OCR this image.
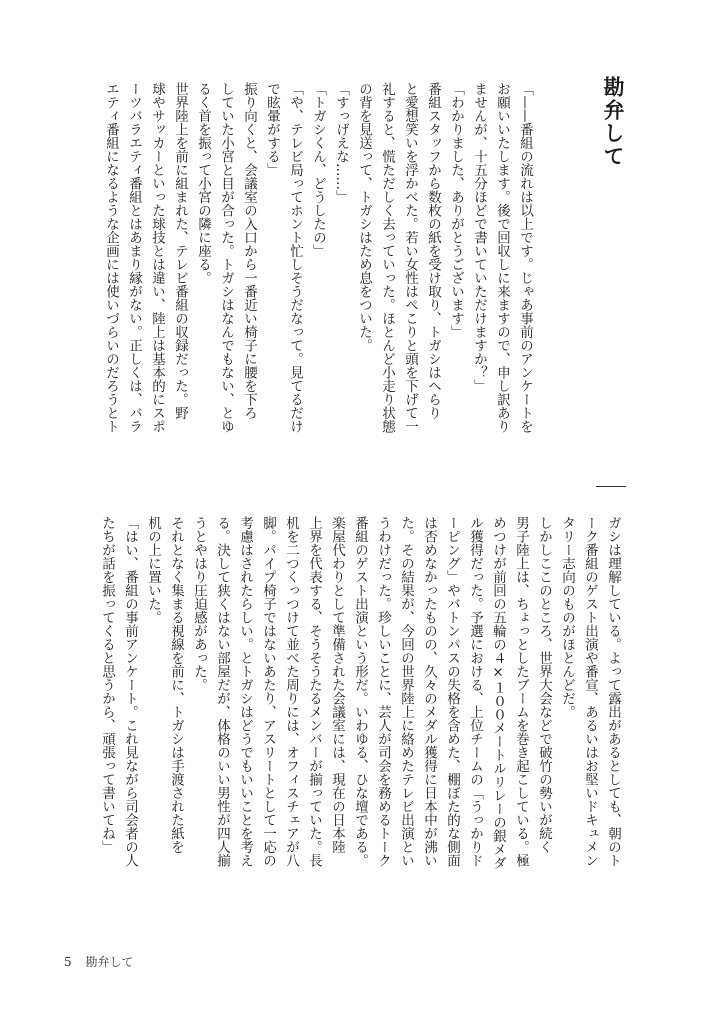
勘弁して
「——番組の流れは以上です。じゃあ事前のアンケートを
お願いいたします。後で回収しに来ますので、申し訳あり
ませんが、十五分ほどで書いていただけますか？」
「わかりました、ありがとうございます」
番組スタッフから数枚の紙を受け取り、トガシはへらり
と愛想笑いを浮かべた。若い女性はぺこりと頭を下げて一
礼すると、慌ただしく去っていった。ほとんど小走り状態
の背を見送って、トガシはため息をついた。
「すっげえな……」
「トガシくん、どうしたの」
「や、テレビ局ってホント忙しそうだなって。見てるだけ
で眩暈がする」
振り向くと、会議室の入口から一番近い椅子に腰を下ろ
していた小宮と目が合った。トガシはなんでもない、とゆ
るく首を振って小宮の隣に座る。
世界陸上を前に組まれた、テレビ番組の収録だった。野
球やサッカーといった球技とは違い、陸上は基本的にスポ
ーツバラエティ番組とはあまり縁がない。正しくは、バラ
エティ番組になるような企画には使いづらいのだろうとト
ガシは理解している。よって露出があるとしても、朝のト
ーク番組のゲスト出演や番宣、あるいはお堅いドキュメン
タリー志向のものがほとんどだ。
しかしここのところ、世界大会などで破竹の勢いが続く
男子陸上は、ちょっとしたブームを巻き起こしている。極
めつけが前回の五輪の４×１００メートルリレーの銀メダ
ル獲得だった。予選における、上位チームの「うっかりド
ーピング」やバトンパスの失格を含めた、棚ぼた的な側面
は否めなかったものの、久々のメダル獲得に日本中が沸い
た。その結果が、今回の世界陸上に絡めたテレビ出演とい
うわけだった。珍しいことに、芸人が司会を務めるトーク
番組のゲスト出演という形だ。いわゆる、ひな壇である。
楽屋代わりとして準備された会議室には、現在の日本陸
上界を代表する、そうそうたるメンバーが揃っていた。長
机を二つくっつけて並べた周りには、オフィスチェアが八
脚。パイプ椅子ではないあたり、アスリートとして一応の
考慮はされたらしい。とトガシはどうでもいいことを考え
る。決して狭くはない部屋だが、体格のいい男性が四人揃
うとやはり圧迫感があった。
それとなく集まる視線を前に、トガシは手渡された紙を
机の上に置いた。
「はい、番組の事前アンケート。これ見ながら司会者の人
たちが話を振ってくると思うから、頑張って書いてね」
5 勘弁して
